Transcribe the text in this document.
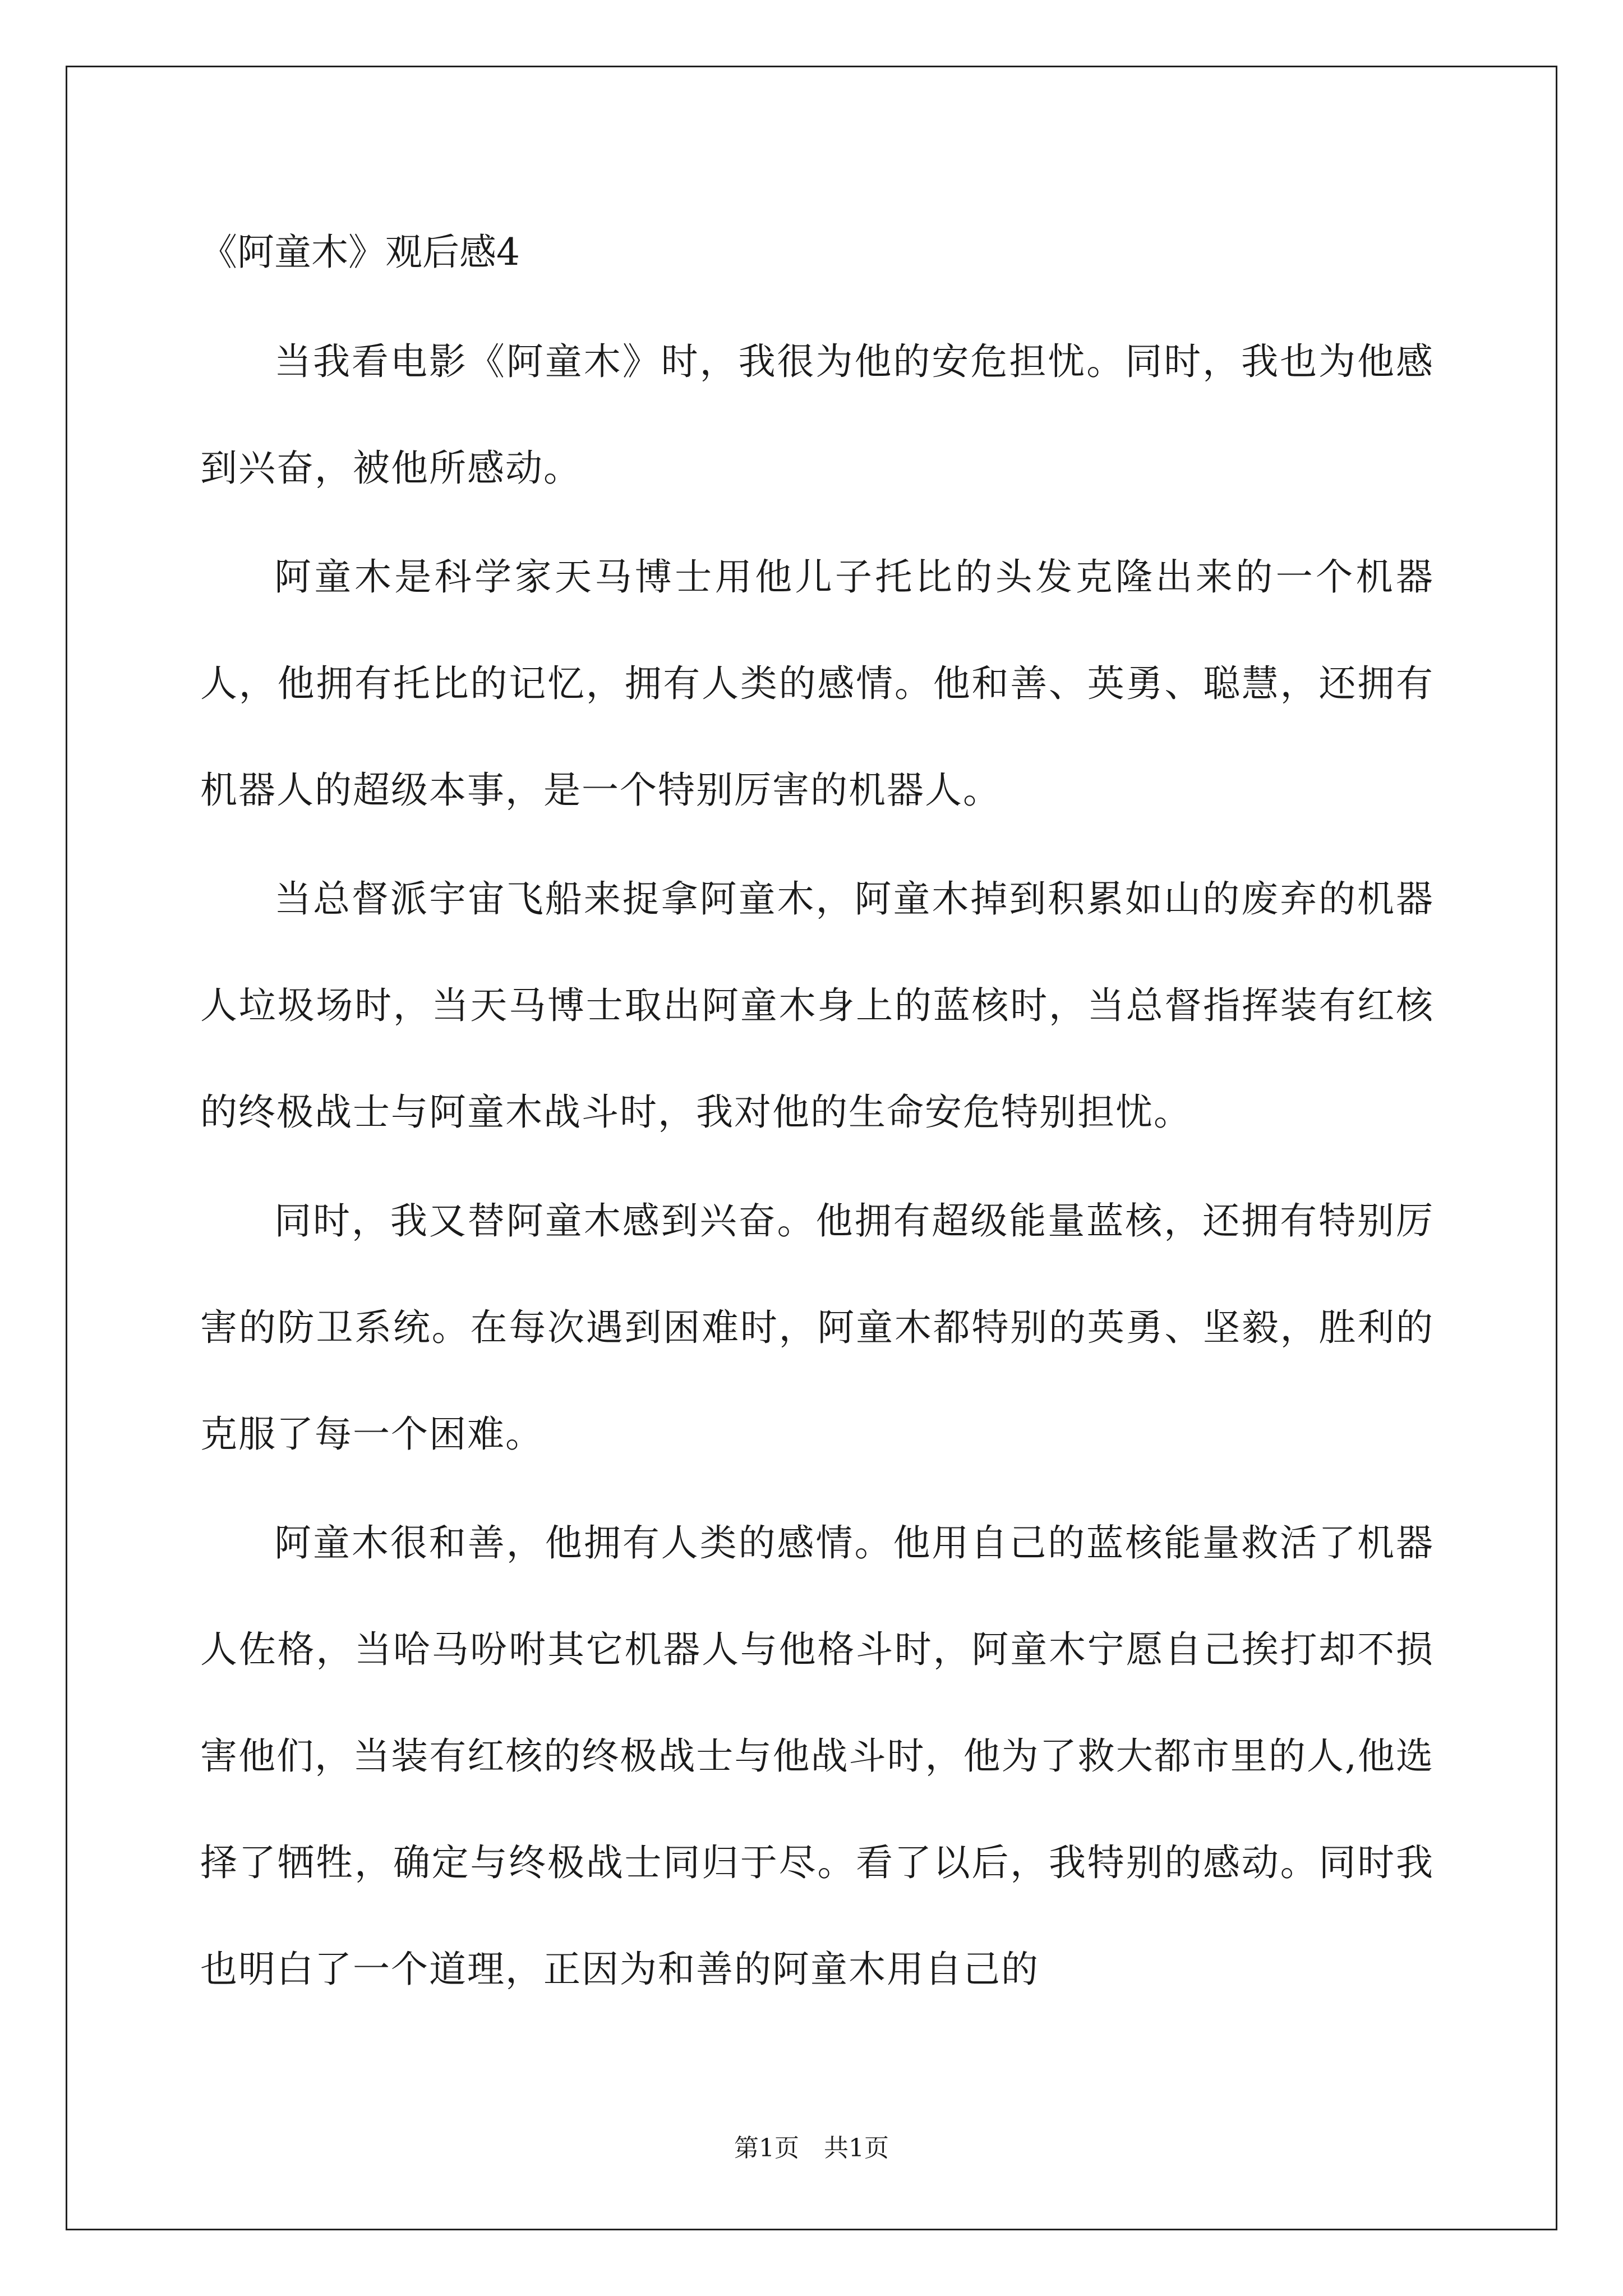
《阿童木》观后感4

当我看电影《阿童木》时，我很为他的安危担忧。同时，我也为他感到兴奋，被他所感动。

阿童木是科学家天马博士用他儿子托比的头发克隆出来的一个机器人，他拥有托比的记忆，拥有人类的感情。他和善、英勇、聪慧，还拥有机器人的超级本事，是一个特别厉害的机器人。

当总督派宇宙飞船来捉拿阿童木，阿童木掉到积累如山的废弃的机器人垃圾场时，当天马博士取出阿童木身上的蓝核时，当总督指挥装有红核的终极战士与阿童木战斗时，我对他的生命安危特别担忧。

同时，我又替阿童木感到兴奋。他拥有超级能量蓝核，还拥有特别厉害的防卫系统。在每次遇到困难时，阿童木都特别的英勇、坚毅，胜利的克服了每一个困难。

阿童木很和善，他拥有人类的感情。他用自己的蓝核能量救活了机器人佐格，当哈马吩咐其它机器人与他格斗时，阿童木宁愿自己挨打却不损害他们，当装有红核的终极战士与他战斗时，他为了救大都市里的人,他选择了牺牲，确定与终极战士同归于尽。看了以后，我特别的感动。同时我也明白了一个道理，正因为和善的阿童木用自己的

第1页 共1页
